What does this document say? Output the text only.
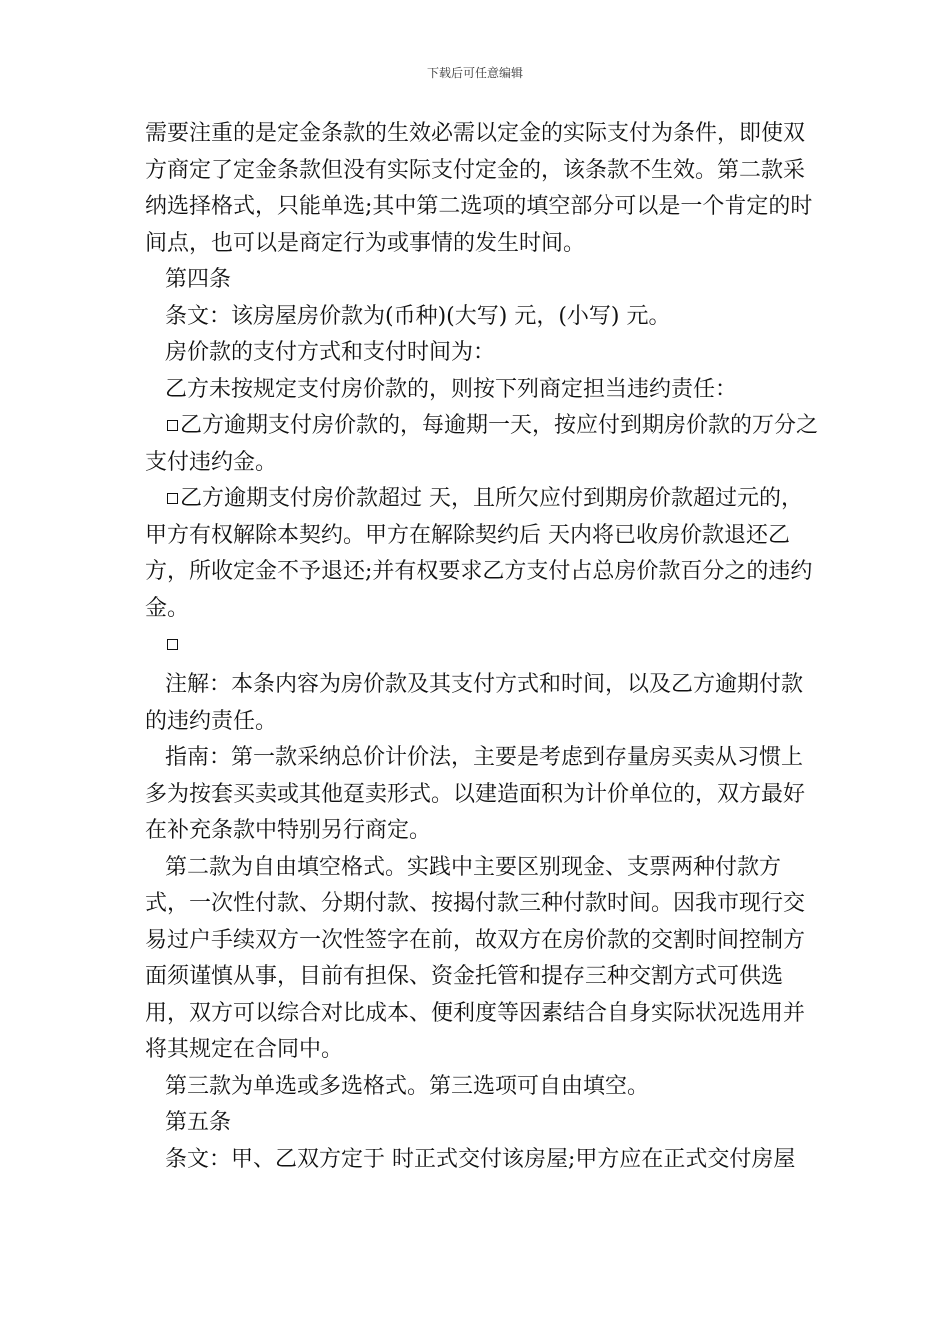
下载后可任意编辑

需要注重的是定金条款的生效必需以定金的实际支付为条件，即使双方商定了定金条款但没有实际支付定金的，该条款不生效。第二款采纳选择格式，只能单选;其中第二选项的填空部分可以是一个肯定的时间点，也可以是商定行为或事情的发生时间。

第四条

条文：该房屋房价款为(币种)(大写) 元，(小写) 元。

房价款的支付方式和支付时间为：

乙方未按规定支付房价款的，则按下列商定担当违约责任：

乙方逾期支付房价款的，每逾期一天，按应付到期房价款的万分之支付违约金。

乙方逾期支付房价款超过 天，且所欠应付到期房价款超过元的，甲方有权解除本契约。甲方在解除契约后 天内将已收房价款退还乙方，所收定金不予退还;并有权要求乙方支付占总房价款百分之的违约金。

注解：本条内容为房价款及其支付方式和时间，以及乙方逾期付款的违约责任。

指南：第一款采纳总价计价法，主要是考虑到存量房买卖从习惯上多为按套买卖或其他趸卖形式。以建造面积为计价单位的，双方最好在补充条款中特别另行商定。

第二款为自由填空格式。实践中主要区别现金、支票两种付款方式，一次性付款、分期付款、按揭付款三种付款时间。因我市现行交易过户手续双方一次性签字在前，故双方在房价款的交割时间控制方面须谨慎从事，目前有担保、资金托管和提存三种交割方式可供选用，双方可以综合对比成本、便利度等因素结合自身实际状况选用并将其规定在合同中。

第三款为单选或多选格式。第三选项可自由填空。

第五条

条文：甲、乙双方定于 时正式交付该房屋;甲方应在正式交付房屋
